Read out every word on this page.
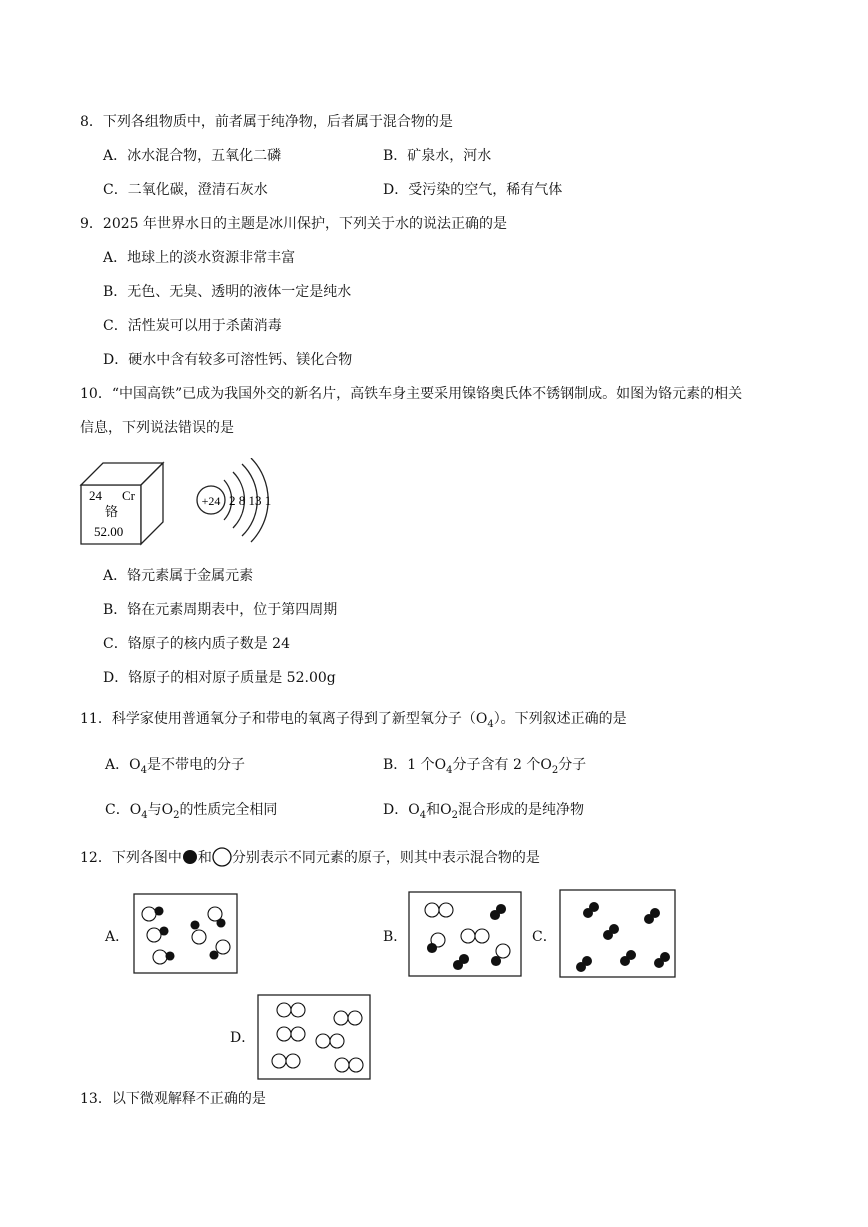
8．下列各组物质中，前者属于纯净物，后者属于混合物的是
A．冰水混合物，五氧化二磷	B．矿泉水，河水
C．二氧化碳，澄清石灰水	D．受污染的空气，稀有气体
9．2025 年世界水日的主题是冰川保护，下列关于水的说法正确的是
A．地球上的淡水资源非常丰富
B．无色、无臭、透明的液体一定是纯水
C．活性炭可以用于杀菌消毒
D．硬水中含有较多可溶性钙、镁化合物
10．“中国高铁”已成为我国外交的新名片，高铁车身主要采用镍铬奥氏体不锈钢制成。如图为铬元素的相关
信息，下列说法错误的是
24 Cr
铬
52.00
+24 2 8 13 1
A．铬元素属于金属元素
B．铬在元素周期表中，位于第四周期
C．铬原子的核内质子数是 24
D．铬原子的相对原子质量是 52.00g
11．科学家使用普通氧分子和带电的氧离子得到了新型氧分子$(O_4)$。下列叙述正确的是
A．$O_4$是不带电的分子	B．1 个$O_4$分子含有 2 个$O_2$分子
C．$O_4$与$O_2$的性质完全相同	D．$O_4$和$O_2$混合形成的是纯净物
12．下列各图中 和 分别表示不同元素的原子，则其中表示混合物的是
A．	B．	C．
D．
13．以下微观解释不正确的是
